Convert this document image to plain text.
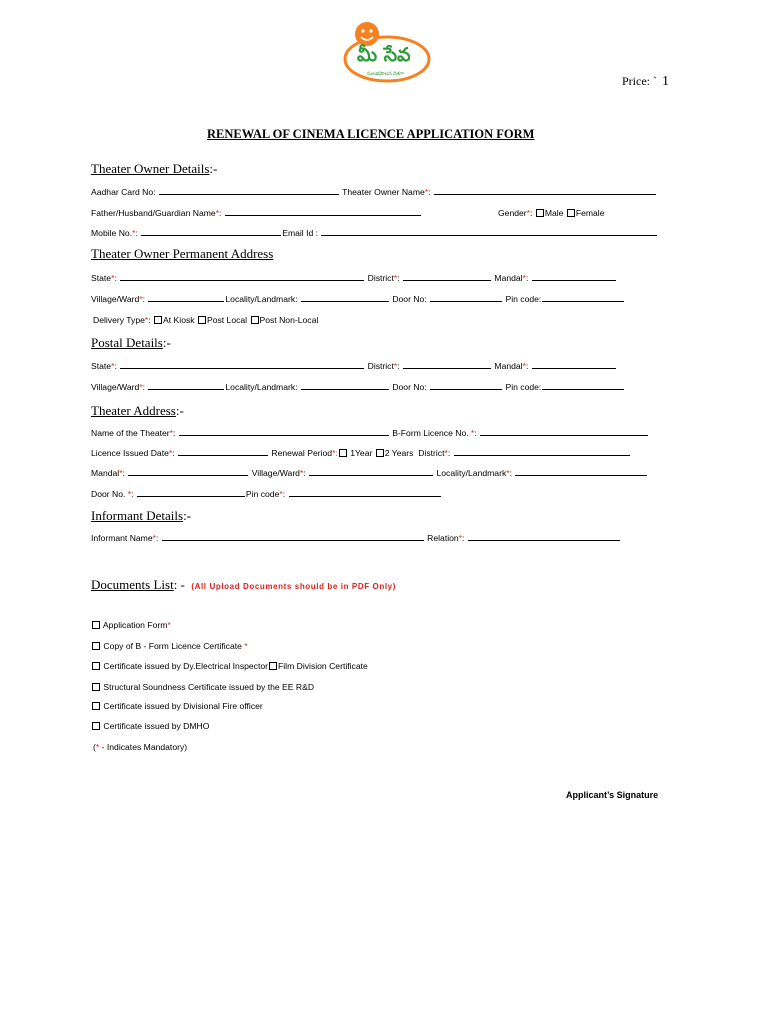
మీ సేవ
సులభపాలన దిశగా	Price: ` 1
RENEWAL OF CINEMA LICENCE APPLICATION FORM
Theater Owner Details:-
Aadhar Card No:	Theater Owner Name*:
Father/Husband/Guardian Name*:	Gender*: Male Female
Mobile No.*:	Email Id :
Theater Owner Permanent Address
State*:	District*:	Mandal*:
Village/Ward*:	Locality/Landmark:	Door No:	Pin code:
Delivery Type*: At Kiosk Post Local Post Non-Local
Postal Details:-
State*:	District*:	Mandal*:
Village/Ward*:	Locality/Landmark:	Door No:	Pin code:
Theater Address:-
Name of the Theater*:	B-Form Licence No. *:
Licence Issued Date*:	Renewal Period*: 1Year 2 Years District*:
Mandal*:	Village/Ward*:	Locality/Landmark*:
Door No. *:	Pin code*:
Informant Details:-
Informant Name*:	Relation*:
Documents List: - (All Upload Documents should be in PDF Only)
Application Form*
Copy of B - Form Licence Certificate *
Certificate issued by Dy.Electrical Inspector Film Division Certificate
Structural Soundness Certificate issued by the EE R&D
Certificate issued by Divisional Fire officer
Certificate issued by DMHO
(* - Indicates Mandatory)
Applicant’s Signature
